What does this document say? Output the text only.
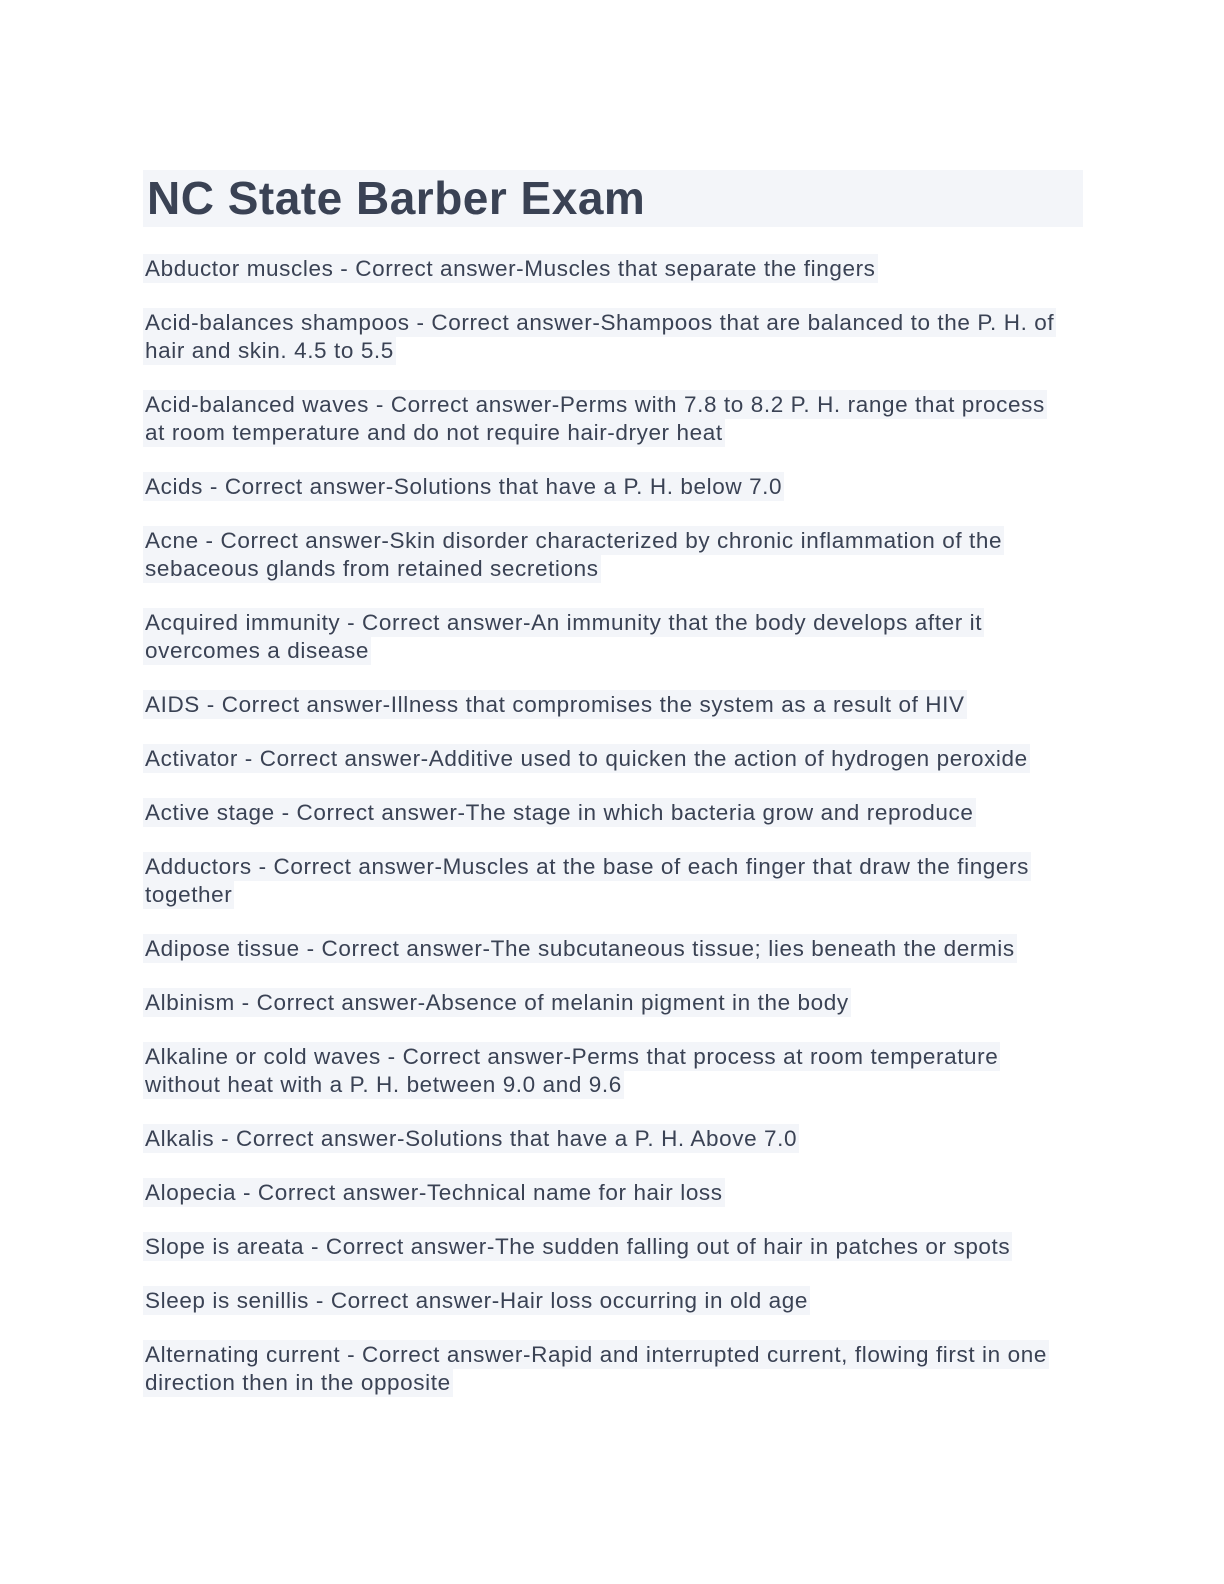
NC State Barber Exam

Abductor muscles - Correct answer-Muscles that separate the fingers

Acid-balances shampoos - Correct answer-Shampoos that are balanced to the P. H. of hair and skin. 4.5 to 5.5

Acid-balanced waves - Correct answer-Perms with 7.8 to 8.2 P. H. range that process at room temperature and do not require hair-dryer heat

Acids - Correct answer-Solutions that have a P. H. below 7.0

Acne - Correct answer-Skin disorder characterized by chronic inflammation of the sebaceous glands from retained secretions

Acquired immunity - Correct answer-An immunity that the body develops after it overcomes a disease

AIDS - Correct answer-Illness that compromises the system as a result of HIV

Activator - Correct answer-Additive used to quicken the action of hydrogen peroxide

Active stage - Correct answer-The stage in which bacteria grow and reproduce

Adductors - Correct answer-Muscles at the base of each finger that draw the fingers together

Adipose tissue - Correct answer-The subcutaneous tissue; lies beneath the dermis

Albinism - Correct answer-Absence of melanin pigment in the body

Alkaline or cold waves - Correct answer-Perms that process at room temperature without heat with a P. H. between 9.0 and 9.6

Alkalis - Correct answer-Solutions that have a P. H. Above 7.0

Alopecia - Correct answer-Technical name for hair loss

Slope is areata - Correct answer-The sudden falling out of hair in patches or spots

Sleep is senillis - Correct answer-Hair loss occurring in old age

Alternating current - Correct answer-Rapid and interrupted current, flowing first in one direction then in the opposite
